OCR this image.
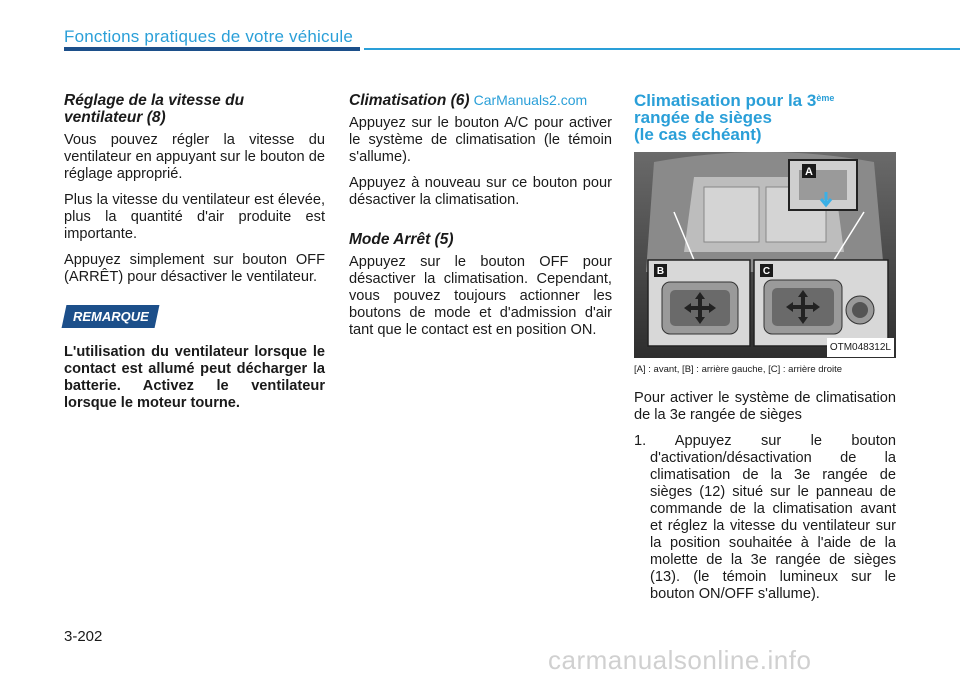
Fonctions pratiques de votre véhicule
Réglage de la vitesse du ventilateur (8)

Vous pouvez régler la vitesse du ventilateur en appuyant sur le bouton de réglage approprié.

Plus la vitesse du ventilateur est élevée, plus la quantité d'air produite est importante.

Appuyez simplement sur bouton OFF (ARRÊT) pour désactiver le ventilateur.

REMARQUE

L'utilisation du ventilateur lorsque le contact est allumé peut décharger la batterie. Activez le ventilateur lorsque le moteur tourne.

Climatisation (6) CarManuals2.com

Appuyez sur le bouton A/C pour activer le système de climatisation (le témoin s'allume).

Appuyez à nouveau sur ce bouton pour désactiver la climatisation.

Mode Arrêt (5)

Appuyez sur le bouton OFF pour désactiver la climatisation. Cependant, vous pouvez toujours actionner les boutons de mode et d'admission d'air tant que le contact est en position ON.

Climatisation pour la 3ème
rangée de sièges
(le cas échéant)
A
B	C
OTM048312L
[A] : avant, [B] : arrière gauche, [C] : arrière droite

Pour activer le système de climatisation de la 3e rangée de sièges

1. Appuyez sur le bouton d'activation/désactivation de la climatisation de la 3e rangée de sièges (12) situé sur le panneau de commande de la climatisation avant et réglez la vitesse du ventilateur sur la position souhaitée à l'aide de la molette de la 3e rangée de sièges (13). (le témoin lumineux sur le bouton ON/OFF s'allume).

3-202
carmanualsonline.info
